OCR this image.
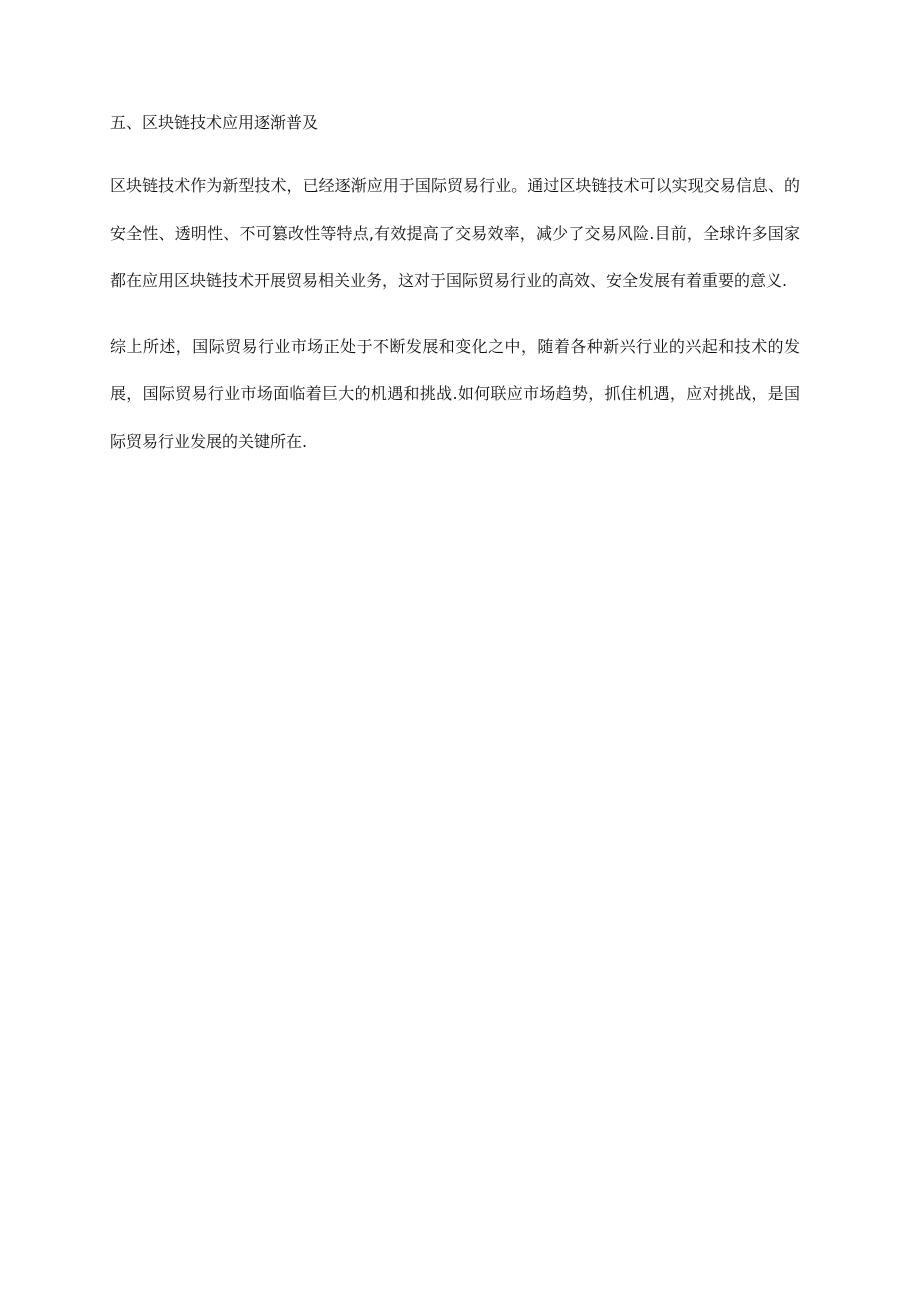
五、区块链技术应用逐渐普及

区块链技术作为新型技术，已经逐渐应用于国际贸易行业。通过区块链技术可以实现交易信息、的安全性、透明性、不可篡改性等特点,有效提高了交易效率，减少了交易风险.目前，全球许多国家都在应用区块链技术开展贸易相关业务，这对于国际贸易行业的高效、安全发展有着重要的意义.

综上所述，国际贸易行业市场正处于不断发展和变化之中，随着各种新兴行业的兴起和技术的发展，国际贸易行业市场面临着巨大的机遇和挑战.如何联应市场趋势，抓住机遇，应对挑战，是国际贸易行业发展的关键所在.
